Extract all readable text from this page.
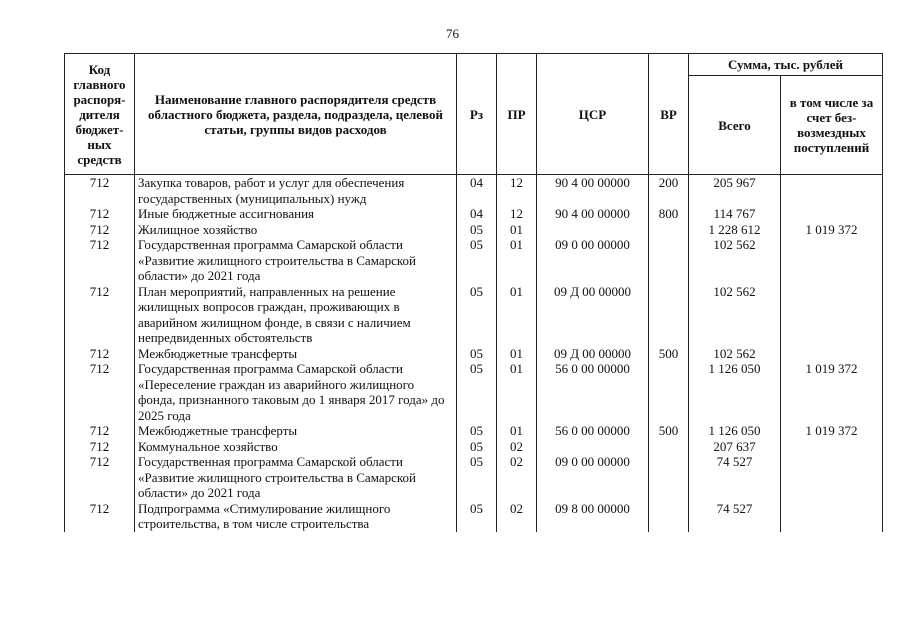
76
Код главного распоря- дителя бюджет- ных средств	Наименование главного распорядителя средств областного бюджета, раздела, подраздела, целевой статьи, группы видов расходов	Рз	ПР	ЦСР	ВР	Сумма, тыс. рублей	
						Всего	в том числе за счет без- возмездных поступлений
712	Закупка товаров, работ и услуг для обеспечения государственных (муниципальных) нужд	04	12	90 4 00 00000	200	205 967	
712	Иные бюджетные ассигнования	04	12	90 4 00 00000	800	114 767	
712	Жилищное хозяйство	05	01			1 228 612	1 019 372
712	Государственная программа Самарской области «Развитие жилищного строительства в Самарской области» до 2021 года	05	01	09 0 00 00000		102 562	
712	План мероприятий, направленных на решение жилищных вопросов граждан, проживающих в аварийном жилищном фонде, в связи с наличием непредвиденных обстоятельств	05	01	09 Д 00 00000		102 562	
712	Межбюджетные трансферты	05	01	09 Д 00 00000	500	102 562	
712	Государственная программа Самарской области «Переселение граждан из аварийного жилищного фонда, признанного таковым до 1 января 2017 года» до 2025 года	05	01	56 0 00 00000		1 126 050	1 019 372
712	Межбюджетные трансферты	05	01	56 0 00 00000	500	1 126 050	1 019 372
712	Коммунальное хозяйство	05	02			207 637	
712	Государственная программа Самарской области «Развитие жилищного строительства в Самарской области» до 2021 года	05	02	09 0 00 00000		74 527	
712	Подпрограмма «Стимулирование жилищного строительства, в том числе строительства	05	02	09 8 00 00000		74 527	
